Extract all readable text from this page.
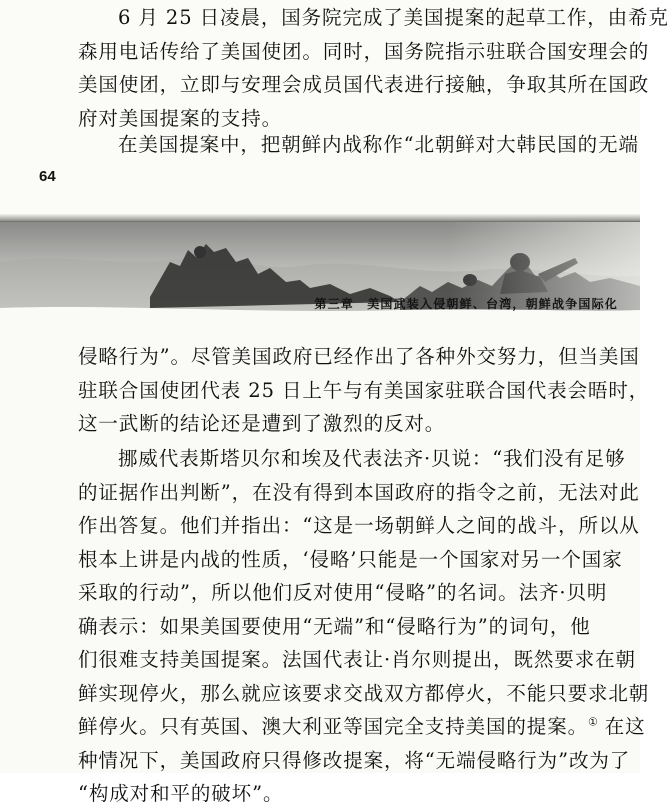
6 月 25 日凌晨，国务院完成了美国提案的起草工作，由希克
森用电话传给了美国使团。同时，国务院指示驻联合国安理会的
美国使团，立即与安理会成员国代表进行接触，争取其所在国政
府对美国提案的支持。

在美国提案中，把朝鲜内战称作“北朝鲜对大韩民国的无端

64
第三章　美国武装入侵朝鲜、台湾，朝鲜战争国际化

侵略行为”。尽管美国政府已经作出了各种外交努力，但当美国
驻联合国使团代表 25 日上午与有美国家驻联合国代表会晤时，
这一武断的结论还是遭到了激烈的反对。

挪威代表斯塔贝尔和埃及代表法齐·贝说：“我们没有足够
的证据作出判断”，在没有得到本国政府的指令之前，无法对此
作出答复。他们并指出：“这是一场朝鲜人之间的战斗，所以从
根本上讲是内战的性质，‘侵略’只能是一个国家对另一个国家
采取的行动”，所以他们反对使用“侵略”的名词。法齐·贝明
确表示：如果美国要使用“无端”和“侵略行为”的词句，他
们很难支持美国提案。法国代表让·肖尔则提出，既然要求在朝
鲜实现停火，那么就应该要求交战双方都停火，不能只要求北朝
鲜停火。只有英国、澳大利亚等国完全支持美国的提案。① 在这
种情况下，美国政府只得修改提案，将“无端侵略行为”改为了
“构成对和平的破坏”。
